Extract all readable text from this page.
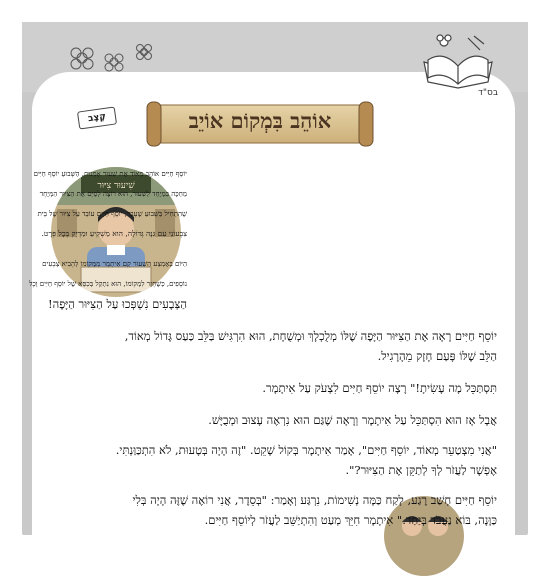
בס"ד
קֶצֶב	אוֹהֵב בִּמְקוֹם אוֹיֵב
שִׁיעוּר צִיּוּר

יוֹסֵף חַיִּים אוֹהֵב מְאוֹד אֶת שִׁעוּר אָמָנוּת, הַשָּׁבוּעַ יוֹסֵף חַיִּים

מְחַכֶּה בִּמְיֻחָד לַשִּׁעוּר, הוּא רוֹצֶה לְסַיֵּם אֶת הַצִּיּוּר הַמְּיֻחָד

שֶׁהִתְחִיל בַּשָּׁבוּעַ שֶׁעָבַר, יוֹסֵף חַיִּים עוֹבֵד עַל צִיּוּר שֶׁל בֵּית

צִבְעוֹנִי עִם גִּנָּה גְּדוֹלָה, הוּא מַשְׁקִיעַ וּמַדְיֵק בְּכָל פְּרָט.

הַיּוֹם בְּאֶמְצַע הַשִּׁעוּר קָם אִיתָמָר מִמְּקוֹמוֹ לְהָבִיא צְבָעִים

נוֹסָפִים, כְּשֶׁחָזַר לִמְקוֹמוֹ, הוּא נִתְקַל בְּכִסֵּא שֶׁל יוֹסֵף חַיִּים וְכָל

הַצְּבָעִים נִשְׁפְּכוּ עַל הַצִּיּוּר הַיָּפֶה!

יוֹסֵף חַיִּים רָאָה אֶת הַצִּיּוּר הַיָּפֶה שֶׁלּוֹ מְלֻכְלָךְ וּמְשֻׁחָת, הוּא הִרְגִּישׁ בַּלֵּב כַּעַס גָּדוֹל מְאוֹד,

הַלֵּב שֶׁלּוֹ פָּעַם חָזָק מֵהָרָגִיל.

תִּסְתַּכֵּל מָה עָשִׂיתָ!" רָצָה יוֹסֵף חַיִּים לִצְעֹק עַל אִיתָמָר.

אֲבָל אָז הוּא הִסְתַּכֵּל עַל אִיתָמָר וְרָאָה שֶׁגַּם הוּא נִרְאֶה עָצוּב וּמְבֻיָּשׁ.

"אֲנִי מִצְטַעֵר מְאוֹד, יוֹסֵף חַיִּים", אָמַר אִיתָמָר בְּקוֹל שָׁקֵט. "זֶה הָיָה בְּטָעוּת, לֹא הִתְכַּוַּנְתִּי.

אֶפְשָׁר לַעֲזֹר לְךָ לְתַקֵּן אֶת הַצִּיּוּר?".

יוֹסֵף חַיִּים חָשַׁב רֶגַע, לָקַח כַּמָּה נְשִׁימוֹת, נִרְגַּע וְאָמַר: "בְּסֵדֶר, אֲנִי רוֹאֶה שֶׁזֶּה הָיָה בְּלִי

כַּוָּנָה, בּוֹא נַעֲבֹד בְּיַחַד." אִיתָמָר חִיֵּךְ מְעַט וְהִתְיַשֵּׁב לַעֲזֹר לְיוֹסֵף חַיִּים.
